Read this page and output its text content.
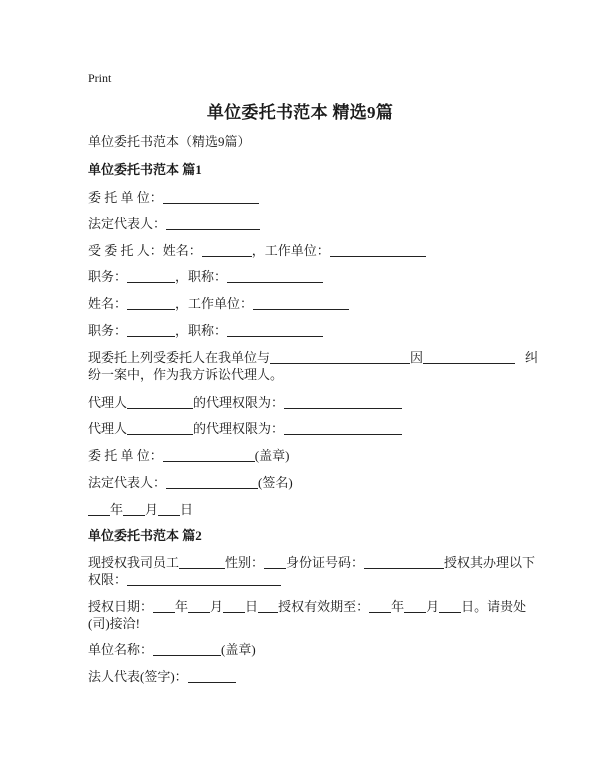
Print
单位委托书范本 精选9篇
单位委托书范本（精选9篇）
单位委托书范本 篇1
委 托 单 位：
法定代表人：
受 委 托 人：姓名：	，工作单位：
职务：	，职称：
姓名：	，工作单位：
职务：	，职称：
现委托上列受委托人在我单位与	因	纠
纷一案中，作为我方诉讼代理人。
代理人	的代理权限为：
代理人	的代理权限为：
委 托 单 位：	(盖章)
法定代表人：	(签名)
年 月 日
单位委托书范本 篇2
现授权我司员工	性别： 身份证号码：	授权其办理以下
权限：
授权日期： 年 月 日 授权有效期至： 年 月 日。请贵处
(司)接洽!
单位名称：	(盖章)
法人代表(签字)：
